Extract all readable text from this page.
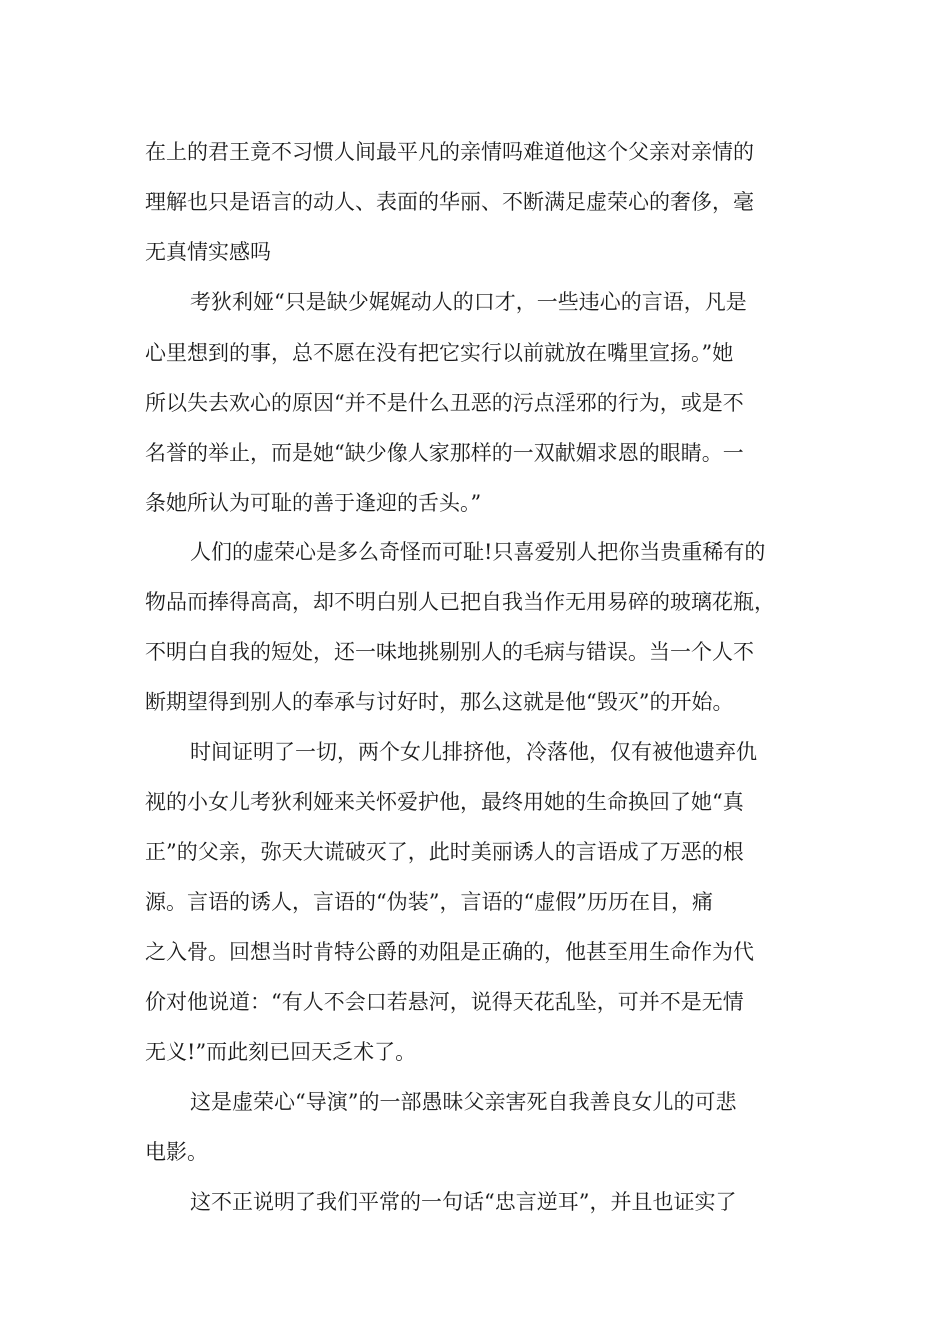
在上的君王竟不习惯人间最平凡的亲情吗难道他这个父亲对亲情的
理解也只是语言的动人、表面的华丽、不断满足虚荣心的奢侈，毫
无真情实感吗
考狄利娅“只是缺少娓娓动人的口才，一些违心的言语，凡是
心里想到的事，总不愿在没有把它实行以前就放在嘴里宣扬。”她
所以失去欢心的原因“并不是什么丑恶的污点淫邪的行为，或是不
名誉的举止，而是她“缺少像人家那样的一双献媚求恩的眼睛。一
条她所认为可耻的善于逢迎的舌头。”
人们的虚荣心是多么奇怪而可耻!只喜爱别人把你当贵重稀有的
物品而捧得高高，却不明白别人已把自我当作无用易碎的玻璃花瓶，
不明白自我的短处，还一味地挑剔别人的毛病与错误。当一个人不
断期望得到别人的奉承与讨好时，那么这就是他“毁灭”的开始。
时间证明了一切，两个女儿排挤他，冷落他，仅有被他遗弃仇
视的小女儿考狄利娅来关怀爱护他，最终用她的生命换回了她“真
正”的父亲，弥天大谎破灭了，此时美丽诱人的言语成了万恶的根
源。言语的诱人，言语的“伪装”，言语的“虚假”历历在目，痛
之入骨。回想当时肯特公爵的劝阻是正确的，他甚至用生命作为代
价对他说道：“有人不会口若悬河，说得天花乱坠，可并不是无情
无义!”而此刻已回天乏术了。
这是虚荣心“导演”的一部愚昧父亲害死自我善良女儿的可悲
电影。
这不正说明了我们平常的一句话“忠言逆耳”，并且也证实了
